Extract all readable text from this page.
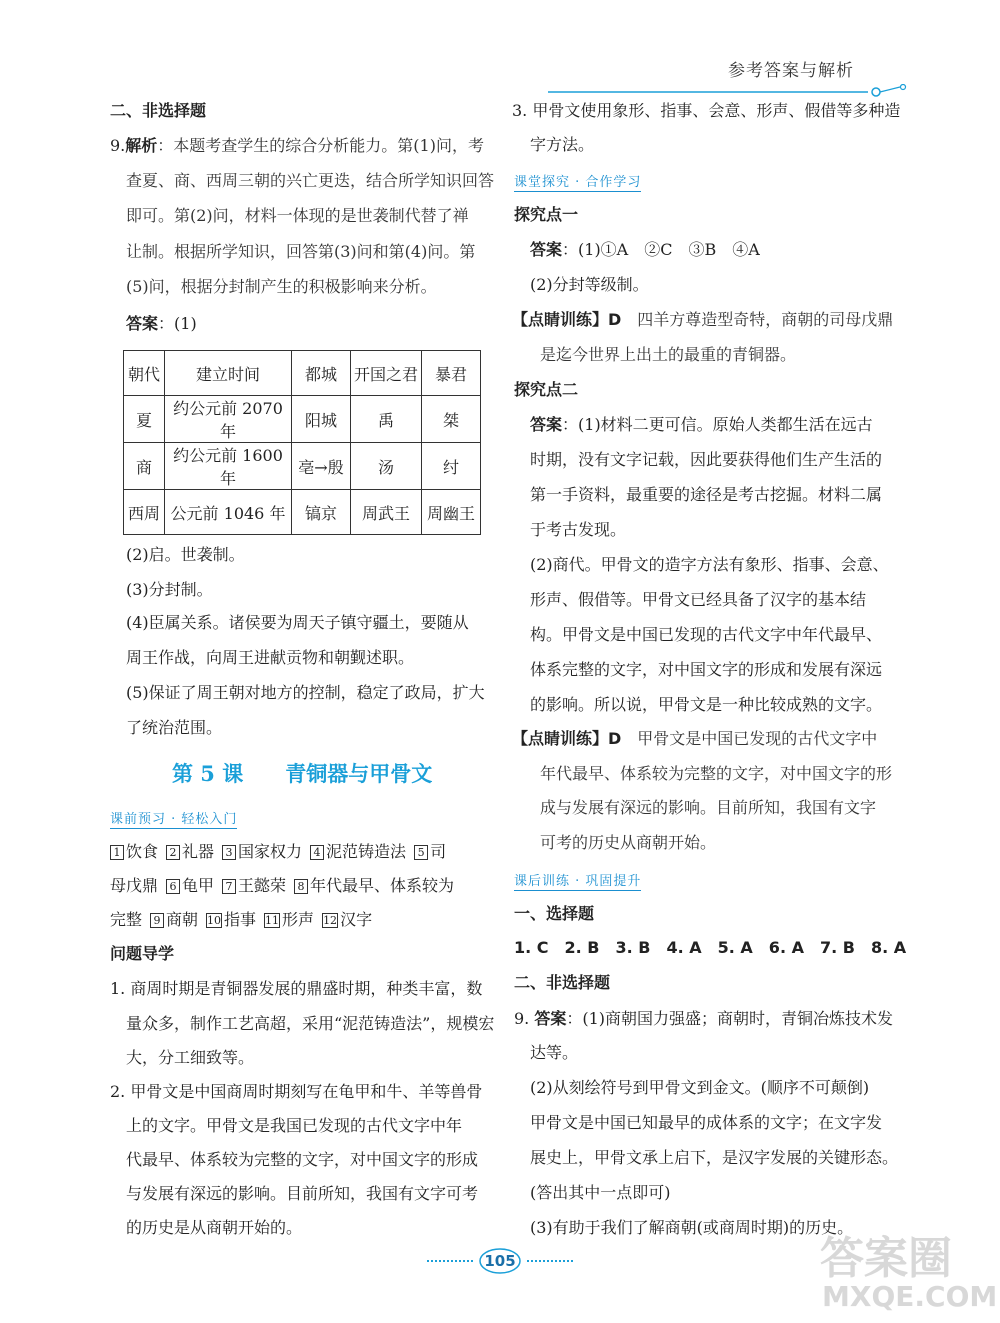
参考答案与解析
二、非选择题
9.解析：本题考查学生的综合分析能力。第(1)问，考
查夏、商、西周三朝的兴亡更迭，结合所学知识回答
即可。第(2)问，材料一体现的是世袭制代替了禅
让制。根据所学知识，回答第(3)问和第(4)问。第
(5)问，根据分封制产生的积极影响来分析。
答案：(1)
朝代	建立时间	都城	开国之君	暴君
夏	约公元前 2070 年	阳城	禹	桀
商	约公元前 1600 年	亳→殷	汤	纣
西周	公元前 1046 年	镐京	周武王	周幽王
(2)启。世袭制。
(3)分封制。
(4)臣属关系。诸侯要为周天子镇守疆土，要随从
周王作战，向周王进献贡物和朝觐述职。
(5)保证了周王朝对地方的控制，稳定了政局，扩大
了统治范围。
第 5 课　　青铜器与甲骨文
课前预习 · 轻松入门
1 饮食 2 礼器 3 国家权力 4 泥范铸造法 5 司
母戊鼎 6 龟甲 7 王懿荣 8 年代最早、体系较为
完整 9 商朝 10 指事 11 形声 12 汉字
问题导学
1. 商周时期是青铜器发展的鼎盛时期，种类丰富，数
量众多，制作工艺高超，采用“泥范铸造法”，规模宏
大，分工细致等。
2. 甲骨文是中国商周时期刻写在龟甲和牛、羊等兽骨
上的文字。甲骨文是我国已发现的古代文字中年
代最早、体系较为完整的文字，对中国文字的形成
与发展有深远的影响。目前所知，我国有文字可考
的历史是从商朝开始的。
3. 甲骨文使用象形、指事、会意、形声、假借等多种造
字方法。
课堂探究 · 合作学习
探究点一
答案：(1)①A　②C　③B　④A
(2)分封等级制。
【点睛训练】D　四羊方尊造型奇特，商朝的司母戊鼎
是迄今世界上出土的最重的青铜器。
探究点二
答案：(1)材料二更可信。原始人类都生活在远古
时期，没有文字记载，因此要获得他们生产生活的
第一手资料，最重要的途径是考古挖掘。材料二属
于考古发现。
(2)商代。甲骨文的造字方法有象形、指事、会意、
形声、假借等。甲骨文已经具备了汉字的基本结
构。甲骨文是中国已发现的古代文字中年代最早、
体系完整的文字，对中国文字的形成和发展有深远
的影响。所以说，甲骨文是一种比较成熟的文字。
【点睛训练】D　甲骨文是中国已发现的古代文字中
年代最早、体系较为完整的文字，对中国文字的形
成与发展有深远的影响。目前所知，我国有文字
可考的历史从商朝开始。
课后训练 · 巩固提升
一、选择题
1. C　2. B　3. B　4. A　5. A　6. A　7. B　8. A
二、非选择题
9. 答案：(1)商朝国力强盛；商朝时，青铜冶炼技术发
达等。
(2)从刻绘符号到甲骨文到金文。(顺序不可颠倒)
甲骨文是中国已知最早的成体系的文字；在文字发
展史上，甲骨文承上启下，是汉字发展的关键形态。
(答出其中一点即可)
(3)有助于我们了解商朝(或商周时期)的历史。
105	答案圈
MXQE.COM
